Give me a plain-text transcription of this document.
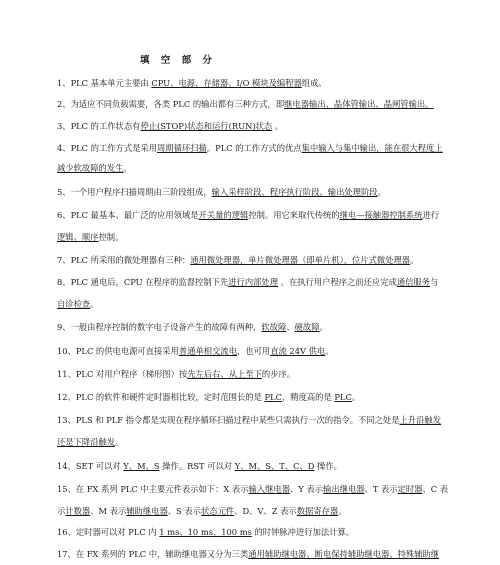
填 空 部 分
1、PLC 基本单元主要由 CPU、电源、存储器、I/O 模块及编程器组成。
2、为适应不同负载需要，各类 PLC 的输出都有三种方式，即继电器输出、晶体管输出、晶闸管输出。
3、PLC 的工作状态有停止(STOP)状态和运行(RUN)状态 。
4、PLC 的工作方式是采用周期循环扫描。PLC 的工作方式的优点集中输入与集中输出，能在很大程度上
减少软故障的发生。
5、一个用户程序扫描周期由三阶段组成，输入采样阶段、程序执行阶段、输出处理阶段。
6、PLC 最基本、最广泛的应用领域是开关量的逻辑控制。用它来取代传统的继电—接触器控制系统进行
逻辑、顺序控制。
7、PLC 所采用的微处理器有三种：通用微处理器，单片微处理器（即单片机），位片式微处理器。
8、PLC 通电后，CPU 在程序的监督控制下先进行内部处理 。在执行用户程序之前还应完成通信服务与
自诊检查。
9、一般由程序控制的数字电子设备产生的故障有两种，软故障、硬故障。
10、PLC 的供电电源可直接采用普通单相交流电，也可用直流 24V 供电。
11、PLC 对用户程序（梯形图）按先左后右、从上至下的步序。
12、PLC 的软件和硬件定时器相比较，定时范围长的是 PLC，精度高的是 PLC。
13、PLS 和 PLF 指令都是实现在程序循环扫描过程中某些只需执行一次的指令。不同之处是上升沿触发
还是下降沿触发。
14、SET 可以对 Y、M、S 操作。RST 可以对 Y、M、S、T、C、D 操作。
15、在 FX 系列 PLC 中主要元件表示如下：X 表示输入继电器、Y 表示输出继电器、T 表示定时器、C 表
示计数器、M 表示辅助继电器、S 表示状态元件、D、V、Z 表示数据寄存器。
16、定时器可以对 PLC 内 1 ms、10 ms、100 ms 的时钟脉冲进行加法计算。
17、在 FX 系列的 PLC 中，辅助继电器又分为三类通用辅助继电器、断电保持辅助继电器、特殊辅助继
